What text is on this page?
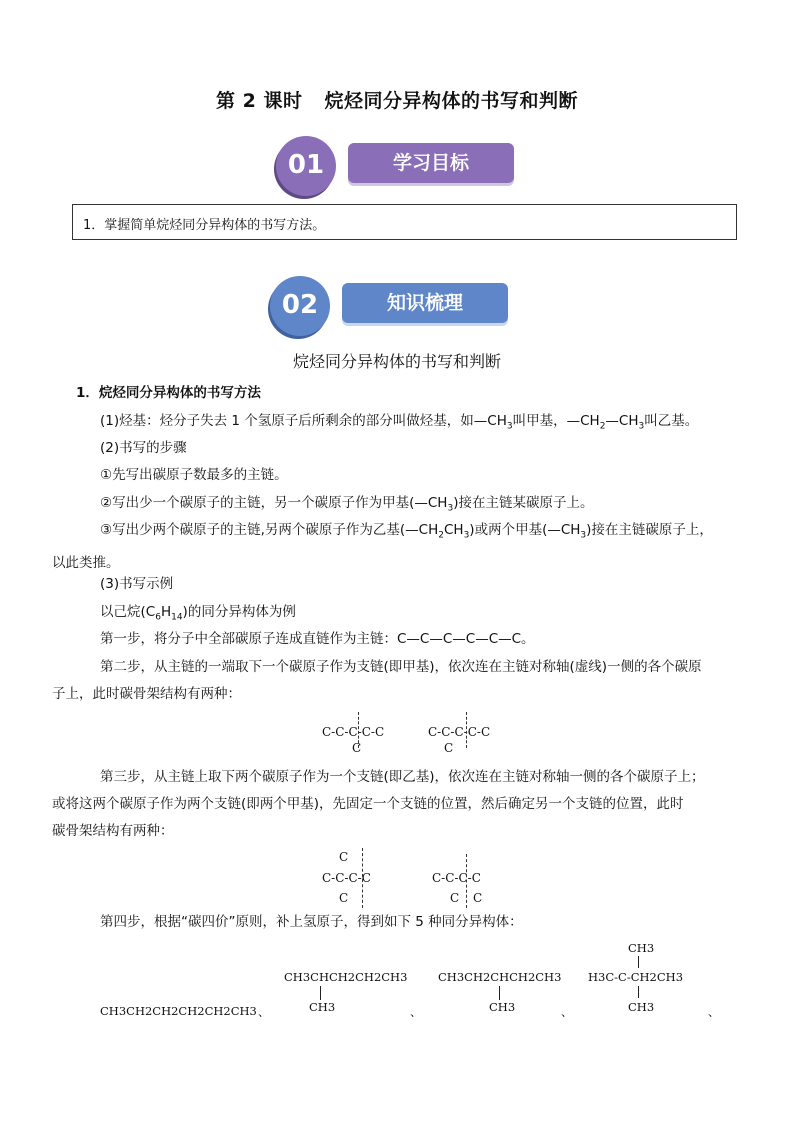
第 2 课时 烷烃同分异构体的书写和判断
01	学习目标
1．掌握简单烷烃同分异构体的书写方法。
02	知识梳理
烷烃同分异构体的书写和判断
1．烷烃同分异构体的书写方法
(1)烃基：烃分子失去 1 个氢原子后所剩余的部分叫做烃基，如$—CH_3$叫甲基，$—CH_2—CH_3$叫乙基。
(2)书写的步骤
①先写出碳原子数最多的主链。
②写出少一个碳原子的主链，另一个碳原子作为甲基$(—CH_3)$接在主链某碳原子上。
③写出少两个碳原子的主链,另两个碳原子作为乙基$(—CH_2CH_3)$或两个甲基$(—CH_3)$接在主链碳原子上，
以此类推。
(3)书写示例
以己烷$(C_6H_{14})$的同分异构体为例
第一步，将分子中全部碳原子连成直链作为主链：C—C—C—C—C—C。
第二步，从主链的一端取下一个碳原子作为支链(即甲基)，依次连在主链对称轴(虚线)一侧的各个碳原
子上，此时碳骨架结构有两种：
C-C-C-C-C
C
C-C-C-C-C
C
第三步，从主链上取下两个碳原子作为一个支链(即乙基)，依次连在主链对称轴一侧的各个碳原子上；
或将这两个碳原子作为两个支链(即两个甲基)，先固定一个支链的位置，然后确定另一个支链的位置，此时
碳骨架结构有两种：
C
C-C-C-C
C
C-C-C-C
C C
第四步，根据“碳四价”原则，补上氢原子，得到如下 5 种同分异构体：
CH3CH2CH2CH2CH2CH3 、
CH3CHCH2CH2CH3
CH3	、
CH3CH2CHCH2CH3
CH3	、
CH3
H3C-C-CH2CH3
CH3	、
